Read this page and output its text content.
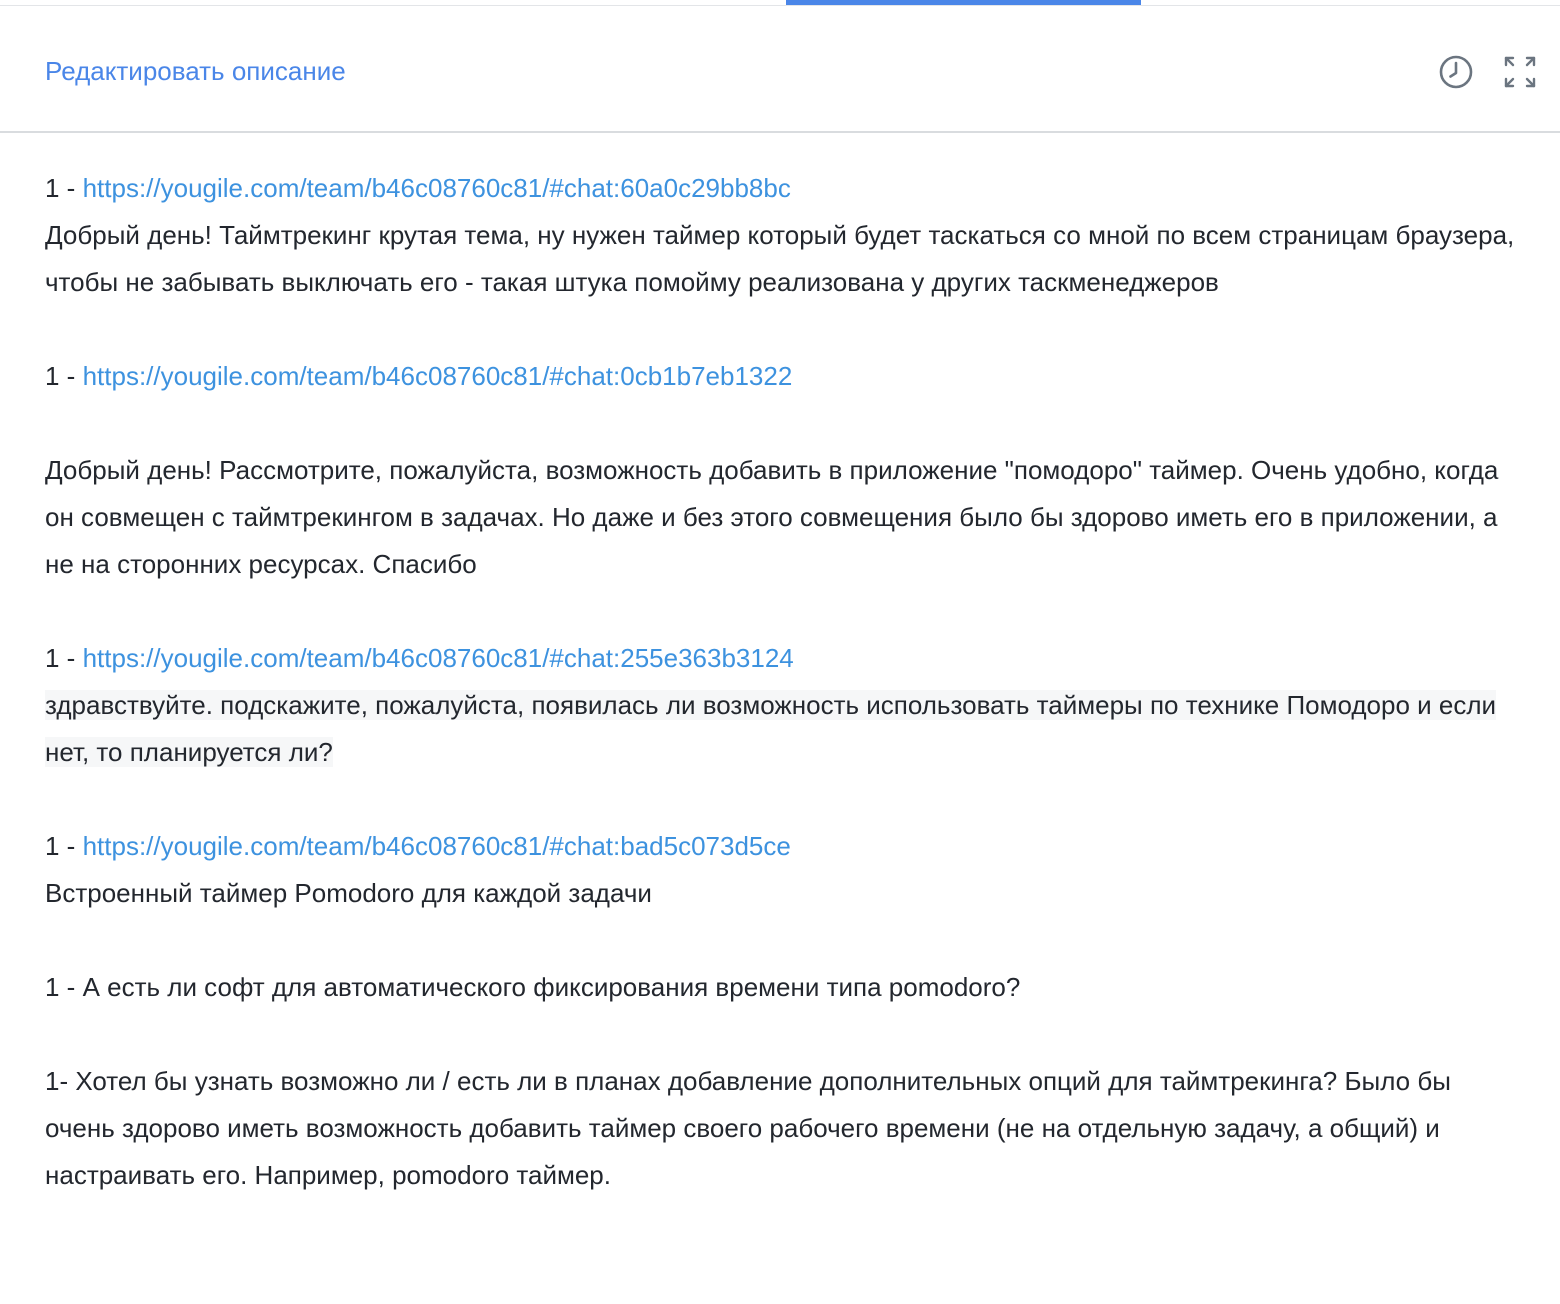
Редактировать описание

1 - https://yougile.com/team/b46c08760c81/#chat:60a0c29bb8bc

Добрый день! Таймтрекинг крутая тема, ну нужен таймер который будет таскаться со мной по всем страницам браузера, чтобы не забывать выключать его - такая штука помойму реализована у других таскменеджеров

1 - https://yougile.com/team/b46c08760c81/#chat:0cb1b7eb1322

Добрый день! Рассмотрите, пожалуйста, возможность добавить в приложение "помодоро" таймер. Очень удобно, когда он совмещен с таймтрекингом в задачах. Но даже и без этого совмещения было бы здорово иметь его в приложении, а не на сторонних ресурсах. Спасибо

1 - https://yougile.com/team/b46c08760c81/#chat:255e363b3124

здравствуйте. подскажите, пожалуйста, появилась ли возможность использовать таймеры по технике Помодоро и если нет, то планируется ли?

1 - https://yougile.com/team/b46c08760c81/#chat:bad5c073d5ce

Встроенный таймер Pomodoro для каждой задачи

1 - А есть ли софт для автоматического фиксирования времени типа pomodoro?

1- Хотел бы узнать возможно ли / есть ли в планах добавление дополнительных опций для таймтрекинга? Было бы очень здорово иметь возможность добавить таймер своего рабочего времени (не на отдельную задачу, а общий) и настраивать его. Например, pomodoro таймер.
